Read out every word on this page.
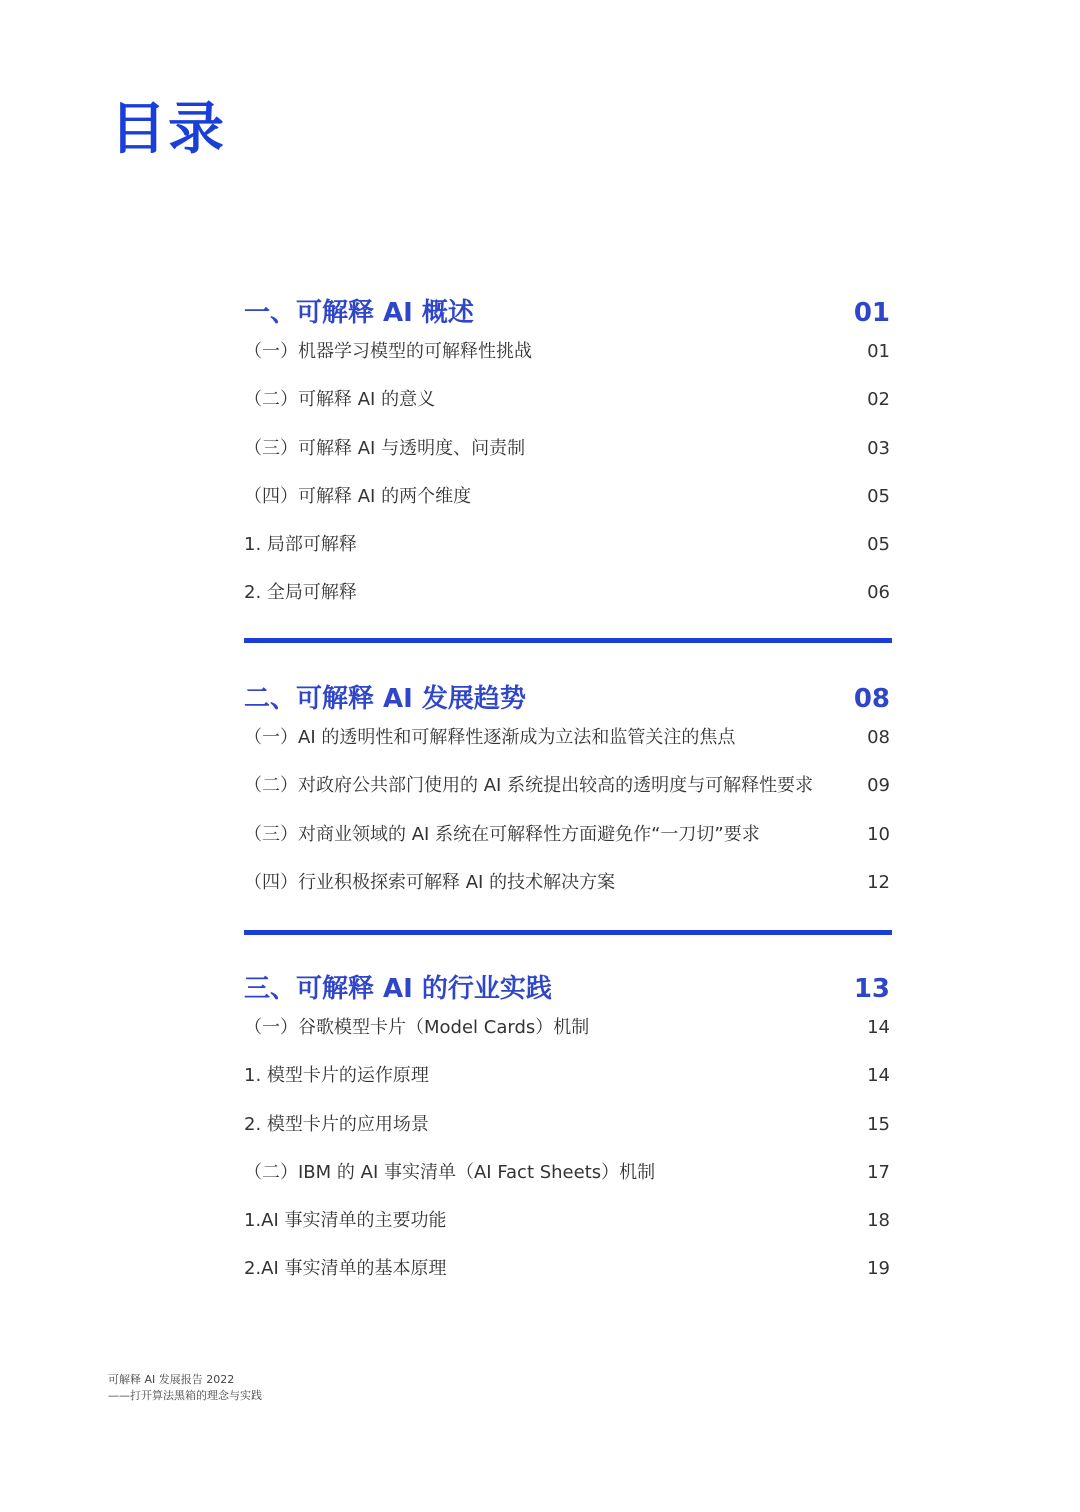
目录
一、可解释 AI 概述	01
（一）机器学习模型的可解释性挑战	01
（二）可解释 AI 的意义	02
（三）可解释 AI 与透明度、问责制	03
（四）可解释 AI 的两个维度	05
1. 局部可解释	05
2. 全局可解释	06
二、可解释 AI 发展趋势	08
（一）AI 的透明性和可解释性逐渐成为立法和监管关注的焦点	08
（二）对政府公共部门使用的 AI 系统提出较高的透明度与可解释性要求	09
（三）对商业领域的 AI 系统在可解释性方面避免作“一刀切”要求	10
（四）行业积极探索可解释 AI 的技术解决方案	12
三、可解释 AI 的行业实践	13
（一）谷歌模型卡片（Model Cards）机制	14
1. 模型卡片的运作原理	14
2. 模型卡片的应用场景	15
（二）IBM 的 AI 事实清单（AI Fact Sheets）机制	17
1.AI 事实清单的主要功能	18
2.AI 事实清单的基本原理	19
可解释 AI 发展报告 2022
——打开算法黑箱的理念与实践
